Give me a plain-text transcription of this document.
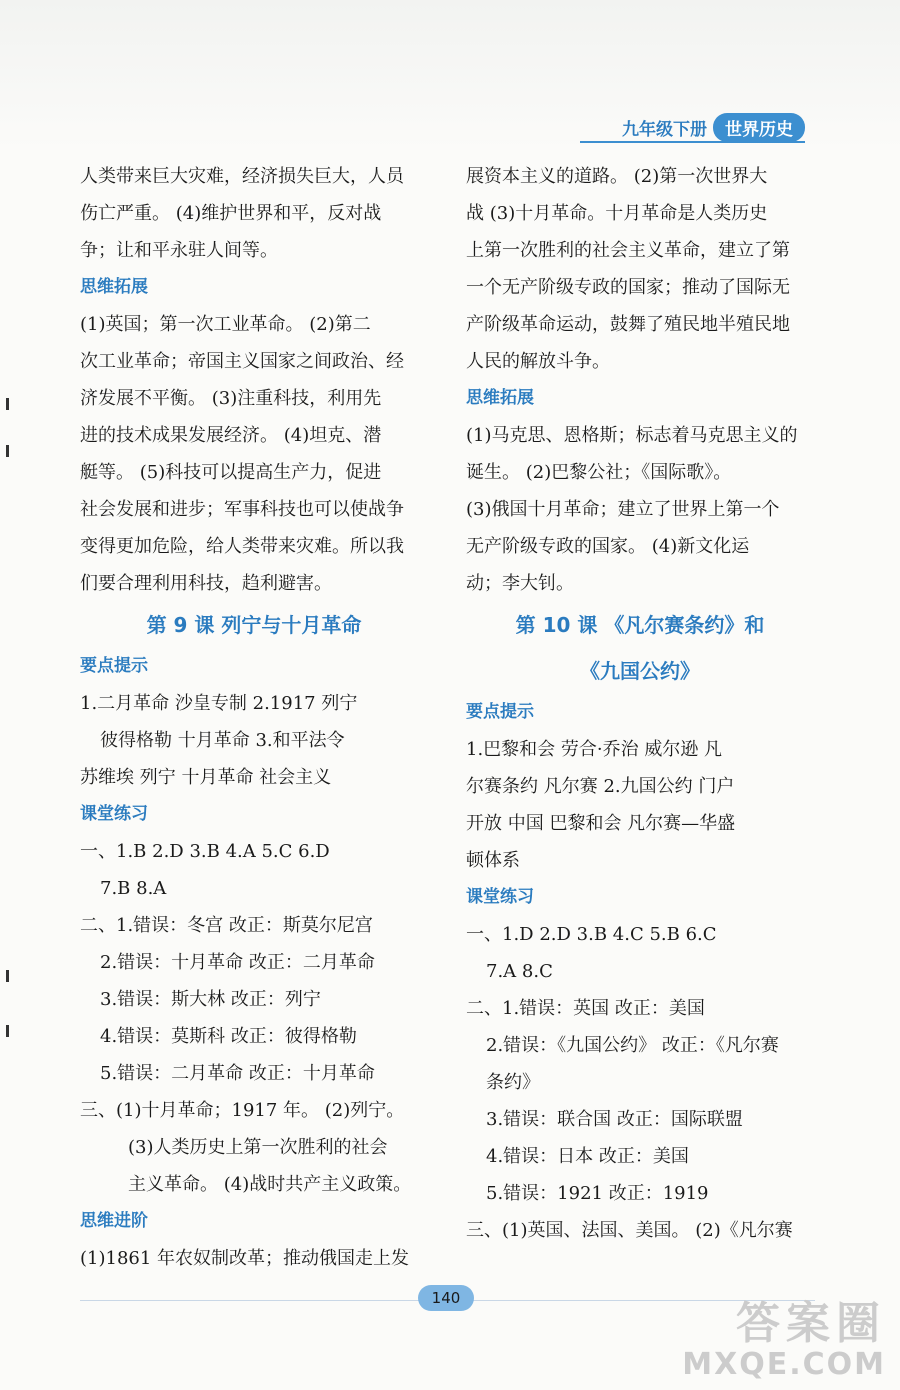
九年级下册	世界历史
人类带来巨大灾难，经济损失巨大，人员
伤亡严重。 (4)维护世界和平，反对战
争；让和平永驻人间等。
思维拓展
(1)英国；第一次工业革命。 (2)第二
次工业革命；帝国主义国家之间政治、经
济发展不平衡。 (3)注重科技，利用先
进的技术成果发展经济。 (4)坦克、潜
艇等。 (5)科技可以提高生产力，促进
社会发展和进步；军事科技也可以使战争
变得更加危险，给人类带来灾难。所以我
们要合理利用科技，趋利避害。
第 9 课 列宁与十月革命
要点提示
1.二月革命 沙皇专制 2.1917 列宁
彼得格勒 十月革命 3.和平法令
苏维埃 列宁 十月革命 社会主义
课堂练习
一、1.B 2.D 3.B 4.A 5.C 6.D
7.B 8.A
二、1.错误：冬宫 改正：斯莫尔尼宫
2.错误：十月革命 改正：二月革命
3.错误：斯大林 改正：列宁
4.错误：莫斯科 改正：彼得格勒
5.错误：二月革命 改正：十月革命
三、(1)十月革命；1917 年。 (2)列宁。
(3)人类历史上第一次胜利的社会
主义革命。 (4)战时共产主义政策。
思维进阶
(1)1861 年农奴制改革；推动俄国走上发
展资本主义的道路。 (2)第一次世界大
战 (3)十月革命。十月革命是人类历史
上第一次胜利的社会主义革命，建立了第
一个无产阶级专政的国家；推动了国际无
产阶级革命运动，鼓舞了殖民地半殖民地
人民的解放斗争。
思维拓展
(1)马克思、恩格斯；标志着马克思主义的
诞生。 (2)巴黎公社；《国际歌》。
(3)俄国十月革命；建立了世界上第一个
无产阶级专政的国家。 (4)新文化运
动；李大钊。
第 10 课 《凡尔赛条约》和
《九国公约》
要点提示
1.巴黎和会 劳合·乔治 威尔逊 凡
尔赛条约 凡尔赛 2.九国公约 门户
开放 中国 巴黎和会 凡尔赛—华盛
顿体系
课堂练习
一、1.D 2.D 3.B 4.C 5.B 6.C
7.A 8.C
二、1.错误：英国 改正：美国
2.错误：《九国公约》 改正：《凡尔赛
条约》
3.错误：联合国 改正：国际联盟
4.错误：日本 改正：美国
5.错误：1921 改正：1919
三、(1)英国、法国、美国。 (2)《凡尔赛
140	答案圈
MXQE.COM
